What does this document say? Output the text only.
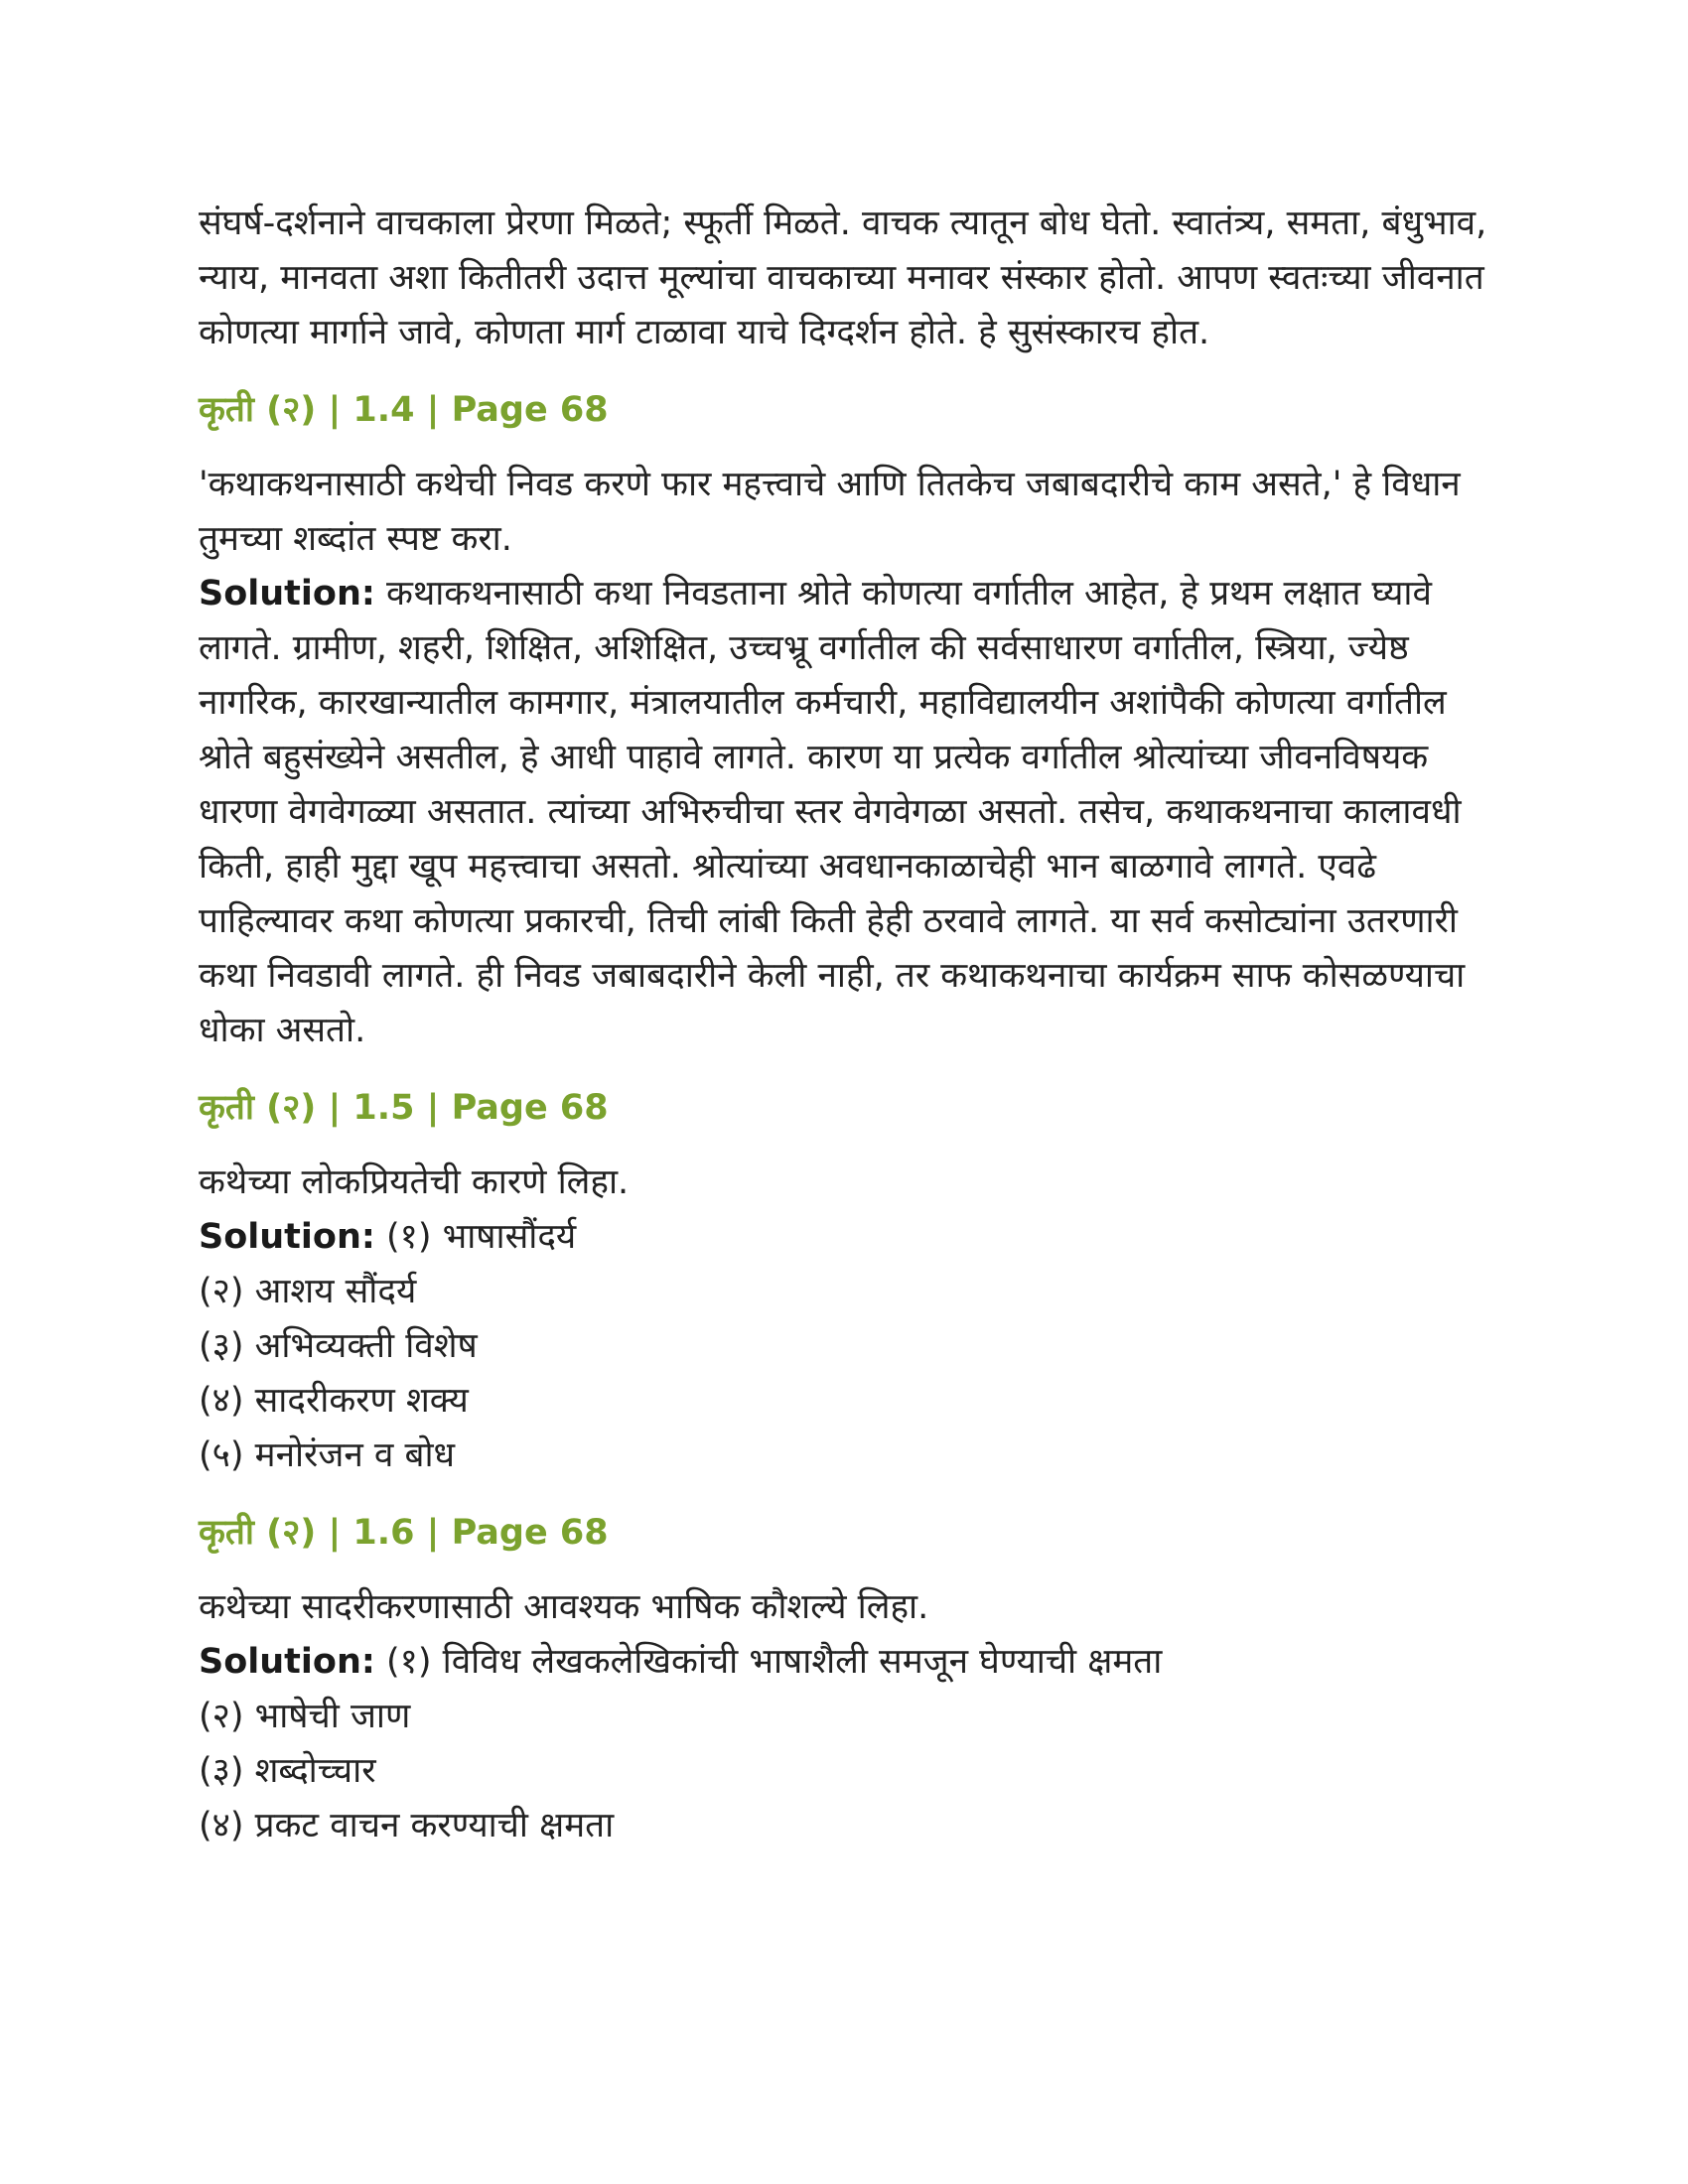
संघर्ष-दर्शनाने वाचकाला प्रेरणा मिळते; स्फूर्ती मिळते. वाचक त्यातून बोध घेतो. स्वातंत्र्य, समता, बंधुभाव, न्याय, मानवता अशा कितीतरी उदात्त मूल्यांचा वाचकाच्या मनावर संस्कार होतो. आपण स्वतःच्या जीवनात कोणत्या मार्गाने जावे, कोणता मार्ग टाळावा याचे दिग्दर्शन होते. हे सुसंस्कारच होत.

कृती (२) | 1.4 | Page 68

'कथाकथनासाठी कथेची निवड करणे फार महत्त्वाचे आणि तितकेच जबाबदारीचे काम असते,' हे विधान तुमच्या शब्दांत स्पष्ट करा.

Solution: कथाकथनासाठी कथा निवडताना श्रोते कोणत्या वर्गातील आहेत, हे प्रथम लक्षात घ्यावे लागते. ग्रामीण, शहरी, शिक्षित, अशिक्षित, उच्चभ्रू वर्गातील की सर्वसाधारण वर्गातील, स्त्रिया, ज्येष्ठ नागरिक, कारखान्यातील कामगार, मंत्रालयातील कर्मचारी, महाविद्यालयीन अशांपैकी कोणत्या वर्गातील श्रोते बहुसंख्येने असतील, हे आधी पाहावे लागते. कारण या प्रत्येक वर्गातील श्रोत्यांच्या जीवनविषयक धारणा वेगवेगळ्या असतात. त्यांच्या अभिरुचीचा स्तर वेगवेगळा असतो. तसेच, कथाकथनाचा कालावधी किती, हाही मुद्दा खूप महत्त्वाचा असतो. श्रोत्यांच्या अवधानकाळाचेही भान बाळगावे लागते. एवढे पाहिल्यावर कथा कोणत्या प्रकारची, तिची लांबी किती हेही ठरवावे लागते. या सर्व कसोट्यांना उतरणारी कथा निवडावी लागते. ही निवड जबाबदारीने केली नाही, तर कथाकथनाचा कार्यक्रम साफ कोसळण्याचा धोका असतो.

कृती (२) | 1.5 | Page 68

कथेच्या लोकप्रियतेची कारणे लिहा.

Solution: (१) भाषासौंदर्य

(२) आशय सौंदर्य

(३) अभिव्यक्ती विशेष

(४) सादरीकरण शक्य

(५) मनोरंजन व बोध

कृती (२) | 1.6 | Page 68

कथेच्या सादरीकरणासाठी आवश्यक भाषिक कौशल्ये लिहा.

Solution: (१) विविध लेखकलेखिकांची भाषाशैली समजून घेण्याची क्षमता

(२) भाषेची जाण

(३) शब्दोच्चार

(४) प्रकट वाचन करण्याची क्षमता
